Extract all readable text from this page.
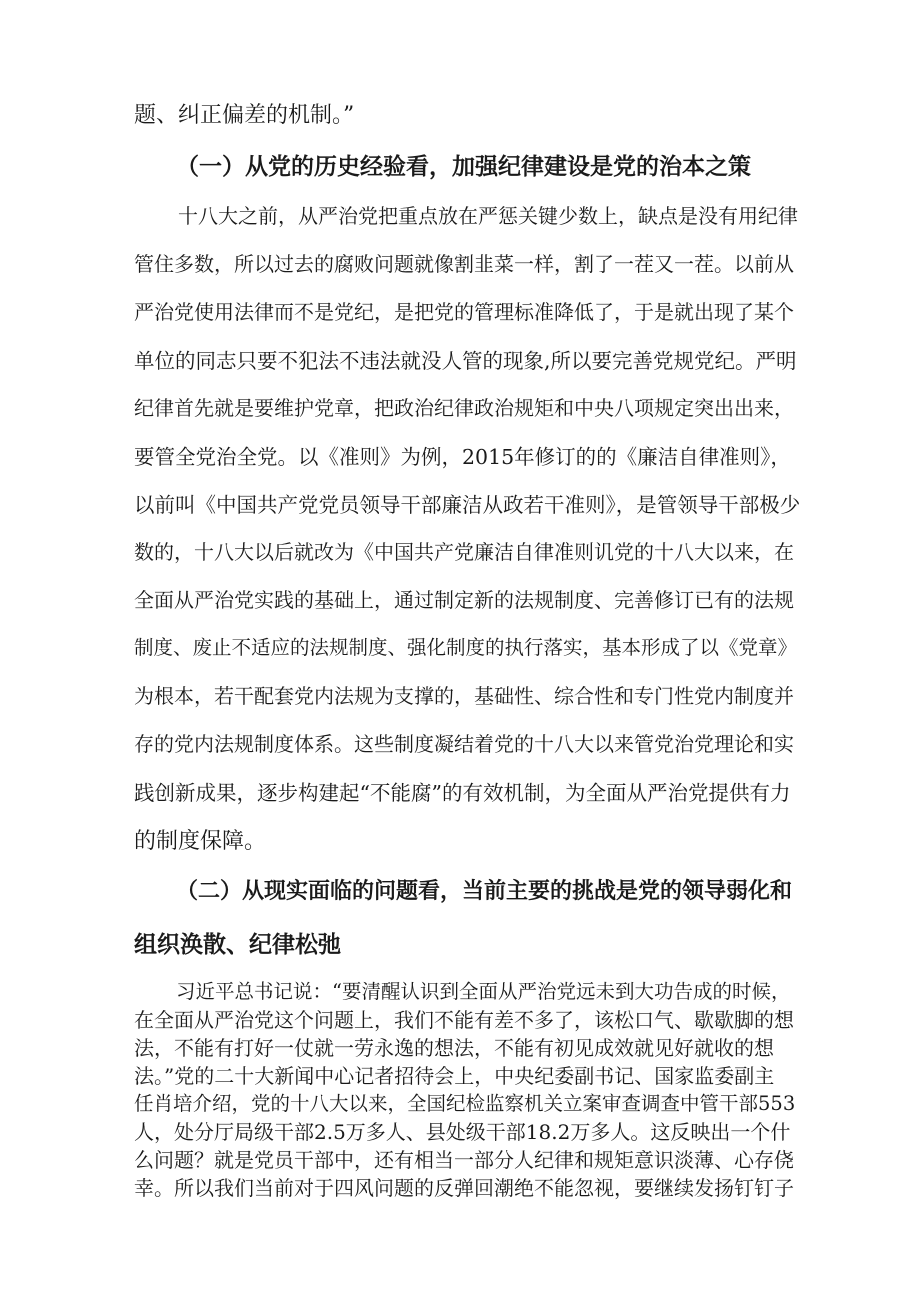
题、纠正偏差的机制。”
（一）从党的历史经验看，加强纪律建设是党的治本之策
十八大之前，从严治党把重点放在严惩关键少数上，缺点是没有用纪律
管住多数，所以过去的腐败问题就像割韭菜一样，割了一茬又一茬。以前从
严治党使用法律而不是党纪，是把党的管理标准降低了，于是就出现了某个
单位的同志只要不犯法不违法就没人管的现象,所以要完善党规党纪。严明
纪律首先就是要维护党章，把政治纪律政治规矩和中央八项规定突出出来，
要管全党治全党。以《准则》为例，2015年修订的的《廉洁自律准则》，
以前叫《中国共产党党员领导干部廉洁从政若干准则》，是管领导干部极少
数的，十八大以后就改为《中国共产党廉洁自律准则讥党的十八大以来，在
全面从严治党实践的基础上，通过制定新的法规制度、完善修订已有的法规
制度、废止不适应的法规制度、强化制度的执行落实，基本形成了以《党章》
为根本，若干配套党内法规为支撑的，基础性、综合性和专门性党内制度并
存的党内法规制度体系。这些制度凝结着党的十八大以来管党治党理论和实
践创新成果，逐步构建起“不能腐”的有效机制，为全面从严治党提供有力
的制度保障。
（二）从现实面临的问题看，当前主要的挑战是党的领导弱化和
组织涣散、纪律松弛
习近平总书记说：“要清醒认识到全面从严治党远未到大功告成的时候，
在全面从严治党这个问题上，我们不能有差不多了，该松口气、歇歇脚的想
法，不能有打好一仗就一劳永逸的想法，不能有初见成效就见好就收的想
法。”党的二十大新闻中心记者招待会上，中央纪委副书记、国家监委副主
任肖培介绍，党的十八大以来，全国纪检监察机关立案审查调查中管干部553
人，处分厅局级干部2.5万多人、县处级干部18.2万多人。这反映出一个什
么问题？就是党员干部中，还有相当一部分人纪律和规矩意识淡薄、心存侥
幸。所以我们当前对于四风问题的反弹回潮绝不能忽视，要继续发扬钉钉子
